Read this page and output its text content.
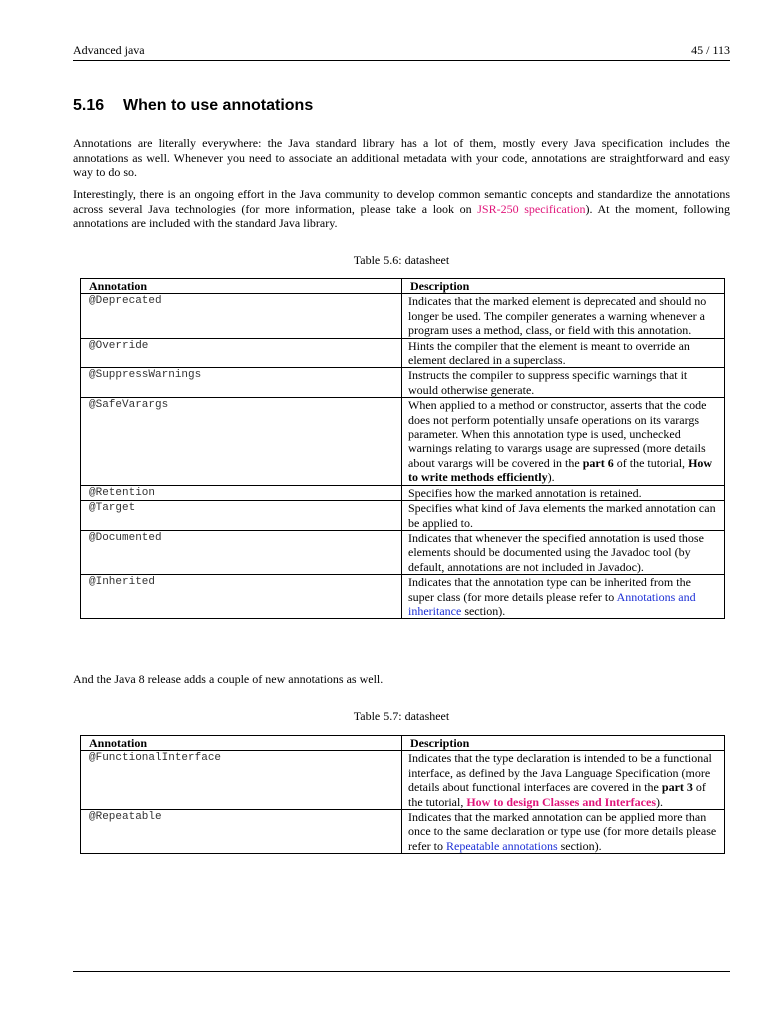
Advanced java	45 / 113
5.16 When to use annotations

Annotations are literally everywhere: the Java standard library has a lot of them, mostly every Java specification includes the annotations as well. Whenever you need to associate an additional metadata with your code, annotations are straightforward and easy way to do so.

Interestingly, there is an ongoing effort in the Java community to develop common semantic concepts and standardize the annotations across several Java technologies (for more information, please take a look on JSR-250 specification). At the moment, following annotations are included with the standard Java library.

Table 5.6: datasheet
Annotation	Description
@Deprecated	Indicates that the marked element is deprecated and should no longer be used. The compiler generates a warning whenever a program uses a method, class, or field with this annotation.
@Override	Hints the compiler that the element is meant to override an element declared in a superclass.
@SuppressWarnings	Instructs the compiler to suppress specific warnings that it would otherwise generate.
@SafeVarargs	When applied to a method or constructor, asserts that the code does not perform potentially unsafe operations on its varargs parameter. When this annotation type is used, unchecked warnings relating to varargs usage are supressed (more details about varargs will be covered in the part 6 of the tutorial, How to write methods efficiently).
@Retention	Specifies how the marked annotation is retained.
@Target	Specifies what kind of Java elements the marked annotation can be applied to.
@Documented	Indicates that whenever the specified annotation is used those elements should be documented using the Javadoc tool (by default, annotations are not included in Javadoc).
@Inherited	Indicates that the annotation type can be inherited from the super class (for more details please refer to Annotations and inheritance section).

And the Java 8 release adds a couple of new annotations as well.

Table 5.7: datasheet
Annotation	Description
@FunctionalInterface	Indicates that the type declaration is intended to be a functional interface, as defined by the Java Language Specification (more details about functional interfaces are covered in the part 3 of the tutorial, How to design Classes and Interfaces).
@Repeatable	Indicates that the marked annotation can be applied more than once to the same declaration or type use (for more details please refer to Repeatable annotations section).
